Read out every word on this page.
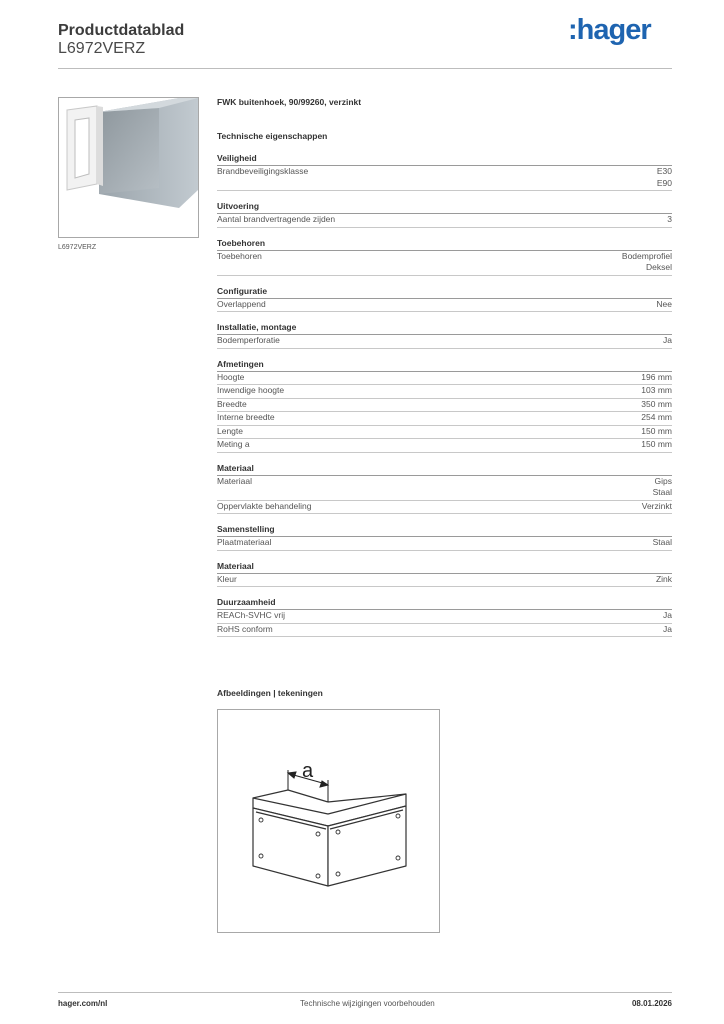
Productdatablad
L6972VERZ
:hager
L6972VERZ
FWK buitenhoek, 90/99260, verzinkt
Technische eigenschappen
Veiligheid
Brandbeveiligingsklasse	E30
E90
Uitvoering
Aantal brandvertragende zijden	3
Toebehoren
Toebehoren	Bodemprofiel
Deksel
Configuratie
Overlappend	Nee
Installatie, montage
Bodemperforatie	Ja
Afmetingen
Hoogte	196 mm
Inwendige hoogte	103 mm
Breedte	350 mm
Interne breedte	254 mm
Lengte	150 mm
Meting a	150 mm
Materiaal
Materiaal	Gips
Staal
Oppervlakte behandeling	Verzinkt
Samenstelling
Plaatmateriaal	Staal
Materiaal
Kleur	Zink
Duurzaamheid
REACh-SVHC vrij	Ja
RoHS conform	Ja
Afbeeldingen | tekeningen
a
hager.com/nl	Technische wijzigingen voorbehouden	08.01.2026
